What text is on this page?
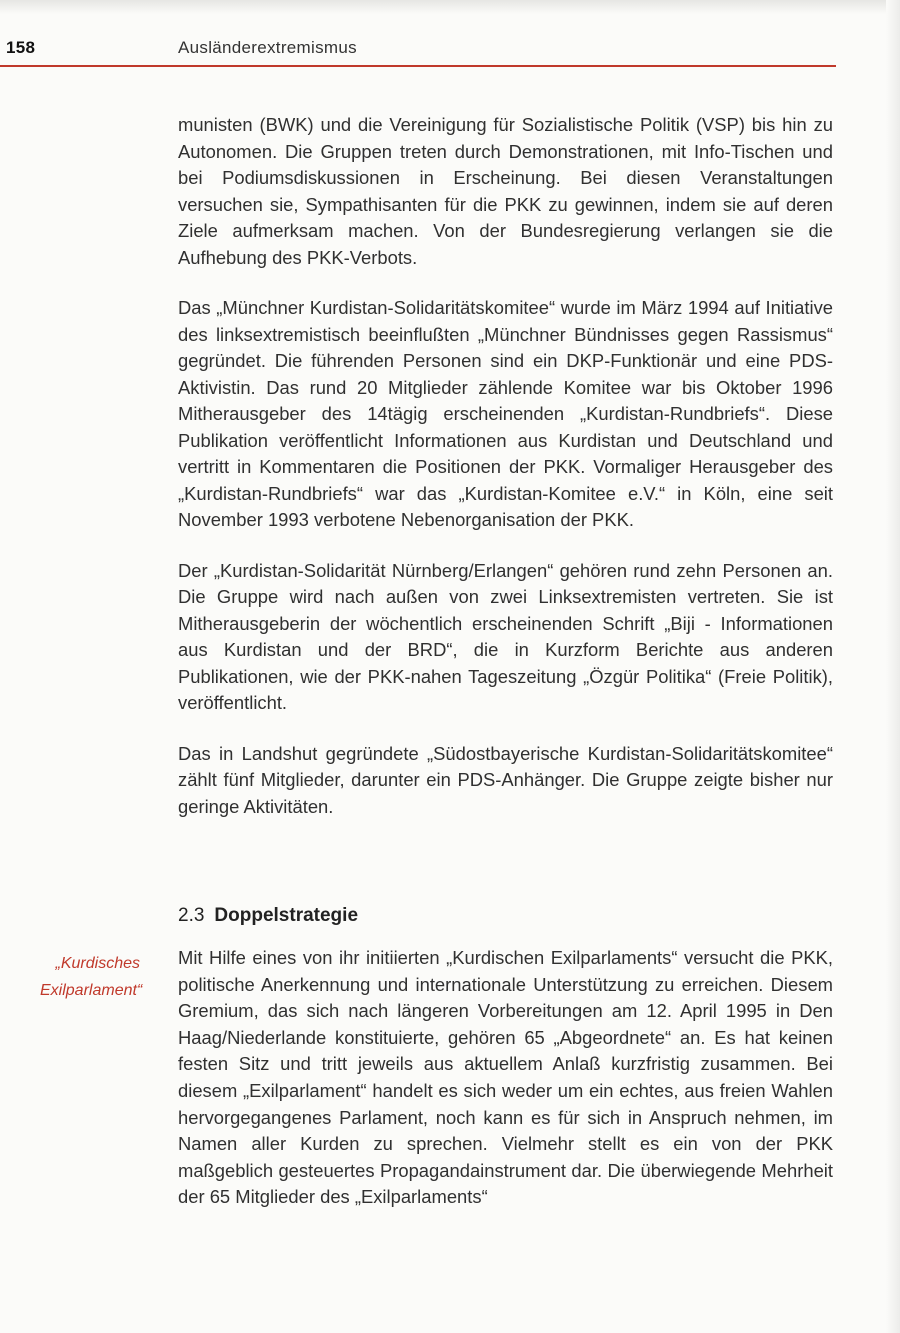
158	Ausländerextremismus

munisten (BWK) und die Vereinigung für Sozialistische Politik (VSP) bis hin zu Autonomen. Die Gruppen treten durch Demonstrationen, mit Info-Tischen und bei Podiumsdiskussionen in Erscheinung. Bei diesen Veranstaltungen versuchen sie, Sympathisanten für die PKK zu gewinnen, indem sie auf deren Ziele aufmerksam machen. Von der Bundesregierung verlangen sie die Aufhebung des PKK-Verbots.

Das „Münchner Kurdistan-Solidaritätskomitee“ wurde im März 1994 auf Initiative des linksextremistisch beeinflußten „Münchner Bündnisses gegen Rassismus“ gegründet. Die führenden Personen sind ein DKP-Funktionär und eine PDS-Aktivistin. Das rund 20 Mitglieder zählende Komitee war bis Oktober 1996 Mitherausgeber des 14tägig erscheinenden „Kurdistan-Rundbriefs“. Diese Publikation veröffentlicht Informationen aus Kurdistan und Deutschland und vertritt in Kommentaren die Positionen der PKK. Vormaliger Herausgeber des „Kurdistan-Rundbriefs“ war das „Kurdistan-Komitee e.V.“ in Köln, eine seit November 1993 verbotene Nebenorganisation der PKK.

Der „Kurdistan-Solidarität Nürnberg/Erlangen“ gehören rund zehn Personen an. Die Gruppe wird nach außen von zwei Linksextremisten vertreten. Sie ist Mitherausgeberin der wöchentlich erscheinenden Schrift „Biji - Informationen aus Kurdistan und der BRD“, die in Kurzform Berichte aus anderen Publikationen, wie der PKK-nahen Tageszeitung „Özgür Politika“ (Freie Politik), veröffentlicht.

Das in Landshut gegründete „Südostbayerische Kurdistan-Solidaritätskomitee“ zählt fünf Mitglieder, darunter ein PDS-Anhänger. Die Gruppe zeigte bisher nur geringe Aktivitäten.

2.3 Doppelstrategie
„Kurdisches
Exilparlament“

Mit Hilfe eines von ihr initiierten „Kurdischen Exilparlaments“ versucht die PKK, politische Anerkennung und internationale Unterstützung zu erreichen. Diesem Gremium, das sich nach längeren Vorbereitungen am 12. April 1995 in Den Haag/Niederlande konstituierte, gehören 65 „Abgeordnete“ an. Es hat keinen festen Sitz und tritt jeweils aus aktuellem Anlaß kurzfristig zusammen. Bei diesem „Exilparlament“ handelt es sich weder um ein echtes, aus freien Wahlen hervorgegangenes Parlament, noch kann es für sich in Anspruch nehmen, im Namen aller Kurden zu sprechen. Vielmehr stellt es ein von der PKK maßgeblich gesteuertes Propagandainstrument dar. Die überwiegende Mehrheit der 65 Mitglieder des „Exilparlaments“
